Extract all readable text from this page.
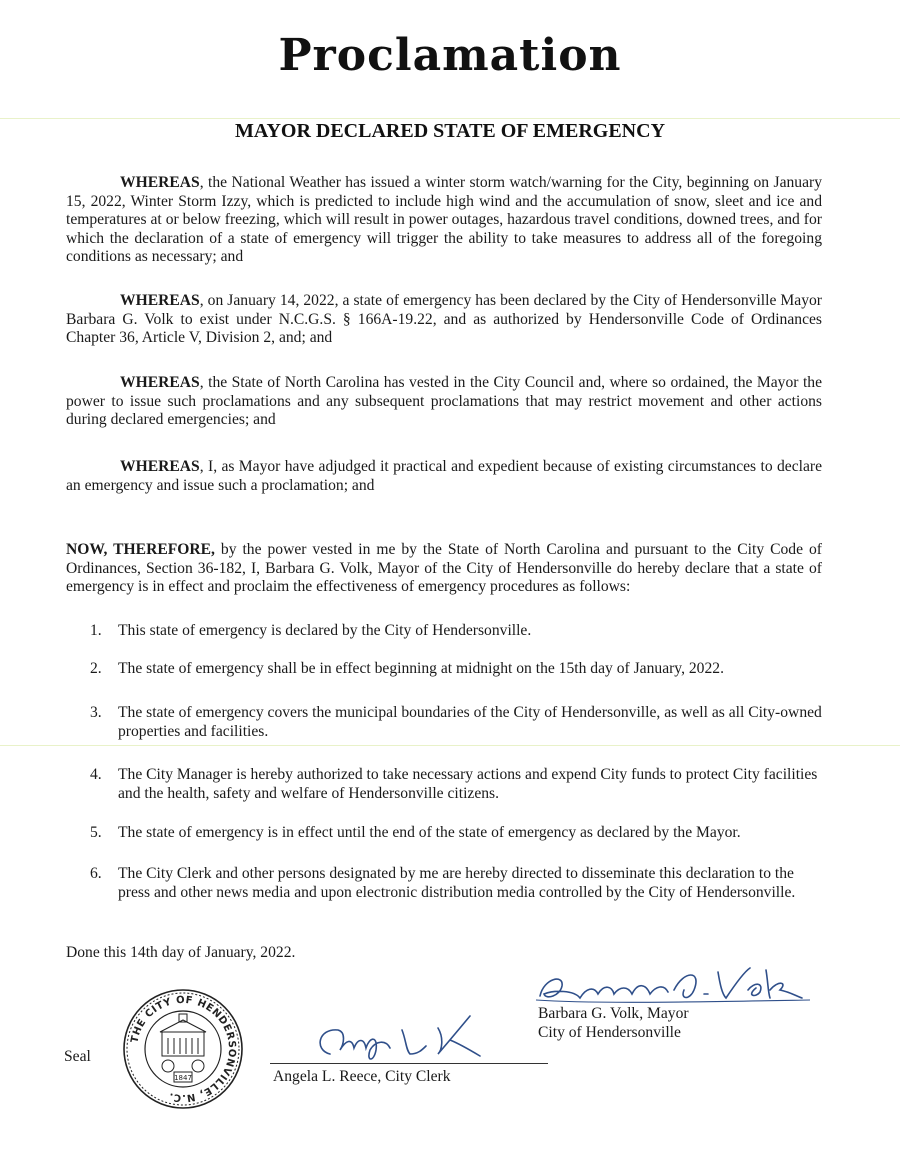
Proclamation
MAYOR DECLARED STATE OF EMERGENCY

WHEREAS, the National Weather has issued a winter storm watch/warning for the City, beginning on January 15, 2022, Winter Storm Izzy, which is predicted to include high wind and the accumulation of snow, sleet and ice and temperatures at or below freezing, which will result in power outages, hazardous travel conditions, downed trees, and for which the declaration of a state of emergency will trigger the ability to take measures to address all of the foregoing conditions as necessary; and

WHEREAS, on January 14, 2022, a state of emergency has been declared by the City of Hendersonville Mayor Barbara G. Volk to exist under N.C.G.S. § 166A-19.22, and as authorized by Hendersonville Code of Ordinances Chapter 36, Article V, Division 2, and; and

WHEREAS, the State of North Carolina has vested in the City Council and, where so ordained, the Mayor the power to issue such proclamations and any subsequent proclamations that may restrict movement and other actions during declared emergencies; and

WHEREAS, I, as Mayor have adjudged it practical and expedient because of existing circumstances to declare an emergency and issue such a proclamation; and

NOW, THEREFORE, by the power vested in me by the State of North Carolina and pursuant to the City Code of Ordinances, Section 36-182, I, Barbara G. Volk, Mayor of the City of Hendersonville do hereby declare that a state of emergency is in effect and proclaim the effectiveness of emergency procedures as follows:

1.	This state of emergency is declared by the City of Hendersonville.
2.	The state of emergency shall be in effect beginning at midnight on the 15th day of January, 2022.
3.	The state of emergency covers the municipal boundaries of the City of Hendersonville, as well as all City-owned properties and facilities.
4.	The City Manager is hereby authorized to take necessary actions and expend City funds to protect City facilities and the health, safety and welfare of Hendersonville citizens.
5.	The state of emergency is in effect until the end of the state of emergency as declared by the Mayor.
6.	The City Clerk and other persons designated by me are hereby directed to disseminate this declaration to the press and other news media and upon electronic distribution media controlled by the City of Hendersonville.
Done this 14th day of January, 2022.
Barbara G. Volk, Mayor
City of Hendersonville
Seal
THE CITY OF HENDERSONVILLE, N.C.
1847	Angela L. Reece, City Clerk
